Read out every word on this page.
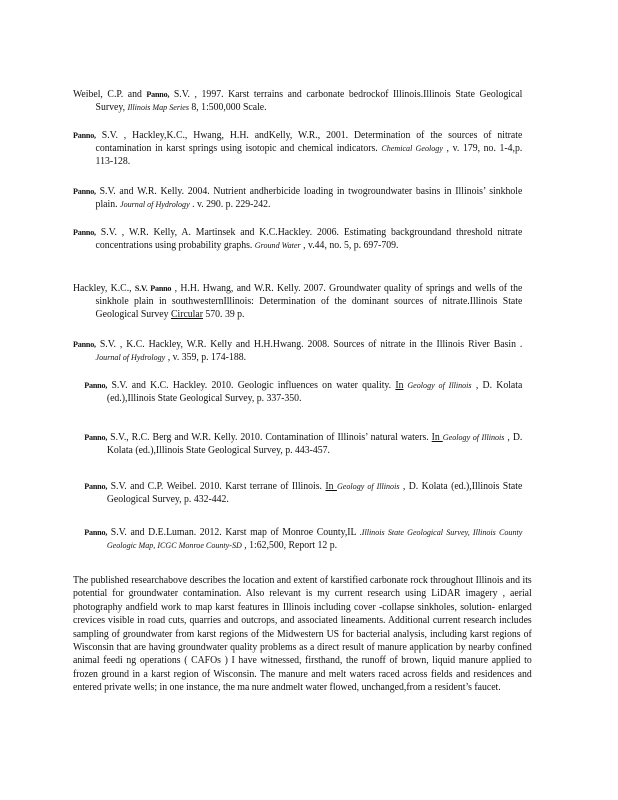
Weibel, C.P. and Panno, S.V. , 1997. Karst terrains and carbonate bedrockof Illinois.Illinois State Geological Survey, Illinois Map Series 8, 1:500,000 Scale.
Panno, S.V. , Hackley,K.C., Hwang, H.H. andKelly, W.R., 2001. Determination of the sources of nitrate contamination in karst springs using isotopic and chemical indicators. Chemical Geology , v. 179, no. 1-4,p. 113-128.
Panno, S.V. and W.R. Kelly. 2004. Nutrient andherbicide loading in twogroundwater basins in Illinois’ sinkhole plain. Journal of Hydrology . v. 290. p. 229-242.
Panno, S.V. , W.R. Kelly, A. Martinsek and K.C.Hackley. 2006. Estimating backgroundand threshold nitrate concentrations using probability graphs. Ground Water , v.44, no. 5, p. 697-709.
Hackley, K.C., S.V. Panno , H.H. Hwang, and W.R. Kelly. 2007. Groundwater quality of springs and wells of the sinkhole plain in southwesternIllinois: Determination of the dominant sources of nitrate.Illinois State Geological Survey Circular 570. 39 p.
Panno, S.V. , K.C. Hackley, W.R. Kelly and H.H.Hwang. 2008. Sources of nitrate in the Illinois River Basin . Journal of Hydrology , v. 359, p. 174-188.
Panno, S.V. and K.C. Hackley. 2010. Geologic influences on water quality. In Geology of Illinois , D. Kolata (ed.),Illinois State Geological Survey, p. 337-350.
Panno, S.V., R.C. Berg and W.R. Kelly. 2010. Contamination of Illinois’ natural waters. In Geology of Illinois , D. Kolata (ed.),Illinois State Geological Survey, p. 443-457.
Panno, S.V. and C.P. Weibel. 2010. Karst terrane of Illinois. In Geology of Illinois , D. Kolata (ed.),Illinois State Geological Survey, p. 432-442.
Panno, S.V. and D.E.Luman. 2012. Karst map of Monroe County,IL .Illinois State Geological Survey, Illinois County Geologic Map, ICGC Monroe County-SD , 1:62,500, Report 12 p.
The published researchabove describes the location and extent of karstified carbonate rock throughout Illinois and its potential for groundwater contamination. Also relevant is my current research using LiDAR imagery , aerial photography andfield work to map karst features in Illinois including cover -collapse sinkholes, solution- enlarged crevices visible in road cuts, quarries and outcrops, and associated lineaments. Additional current research includes sampling of groundwater from karst regions of the Midwestern US for bacterial analysis, including karst regions of Wisconsin that are having groundwater quality problems as a direct result of manure application by nearby confined animal feedi ng operations ( CAFOs ) I have witnessed, firsthand, the runoff of brown, liquid manure applied to frozen ground in a karst region of Wisconsin. The manure and melt waters raced across fields and residences and entered private wells; in one instance, the ma nure andmelt water flowed, unchanged,from a resident’s faucet.
